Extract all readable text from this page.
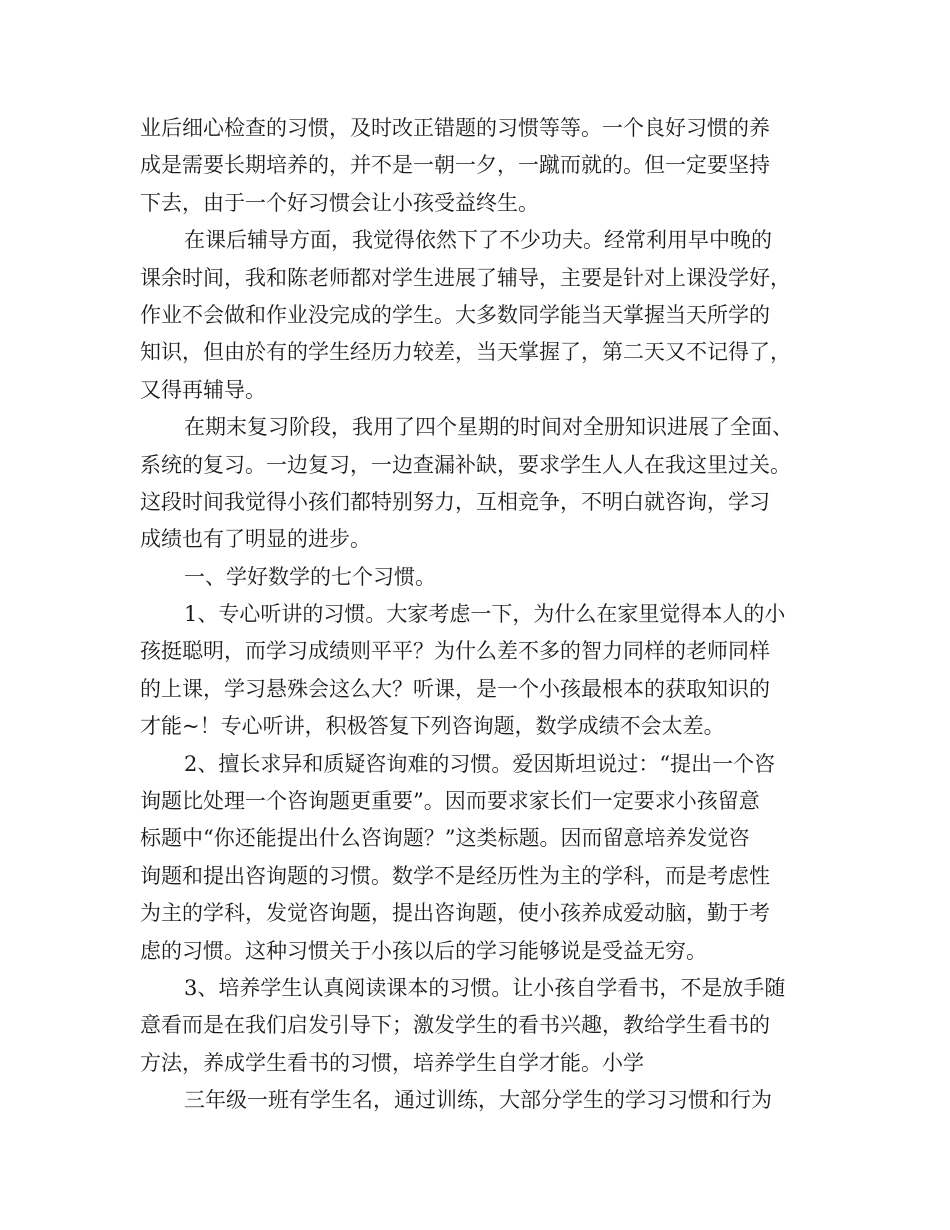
业后细心检查的习惯，及时改正错题的习惯等等。一个良好习惯的养
成是需要长期培养的，并不是一朝一夕，一蹴而就的。但一定要坚持
下去，由于一个好习惯会让小孩受益终生。
在课后辅导方面，我觉得依然下了不少功夫。经常利用早中晚的
课余时间，我和陈老师都对学生进展了辅导，主要是针对上课没学好，
作业不会做和作业没完成的学生。大多数同学能当天掌握当天所学的
知识，但由於有的学生经历力较差，当天掌握了，第二天又不记得了，
又得再辅导。
在期末复习阶段，我用了四个星期的时间对全册知识进展了全面、
系统的复习。一边复习，一边查漏补缺，要求学生人人在我这里过关。
这段时间我觉得小孩们都特别努力，互相竞争，不明白就咨询，学习
成绩也有了明显的进步。
一、学好数学的七个习惯。
1、专心听讲的习惯。大家考虑一下，为什么在家里觉得本人的小
孩挺聪明，而学习成绩则平平？为什么差不多的智力同样的老师同样
的上课，学习悬殊会这么大？听课，是一个小孩最根本的获取知识的
才能~！专心听讲，积极答复下列咨询题，数学成绩不会太差。
2、擅长求异和质疑咨询难的习惯。爱因斯坦说过：“提出一个咨
询题比处理一个咨询题更重要”。因而要求家长们一定要求小孩留意
标题中“你还能提出什么咨询题？”这类标题。因而留意培养发觉咨
询题和提出咨询题的习惯。数学不是经历性为主的学科，而是考虑性
为主的学科，发觉咨询题，提出咨询题，使小孩养成爱动脑，勤于考
虑的习惯。这种习惯关于小孩以后的学习能够说是受益无穷。
3、培养学生认真阅读课本的习惯。让小孩自学看书，不是放手随
意看而是在我们启发引导下；激发学生的看书兴趣，教给学生看书的
方法，养成学生看书的习惯，培养学生自学才能。小学
三年级一班有学生名，通过训练，大部分学生的学习习惯和行为
